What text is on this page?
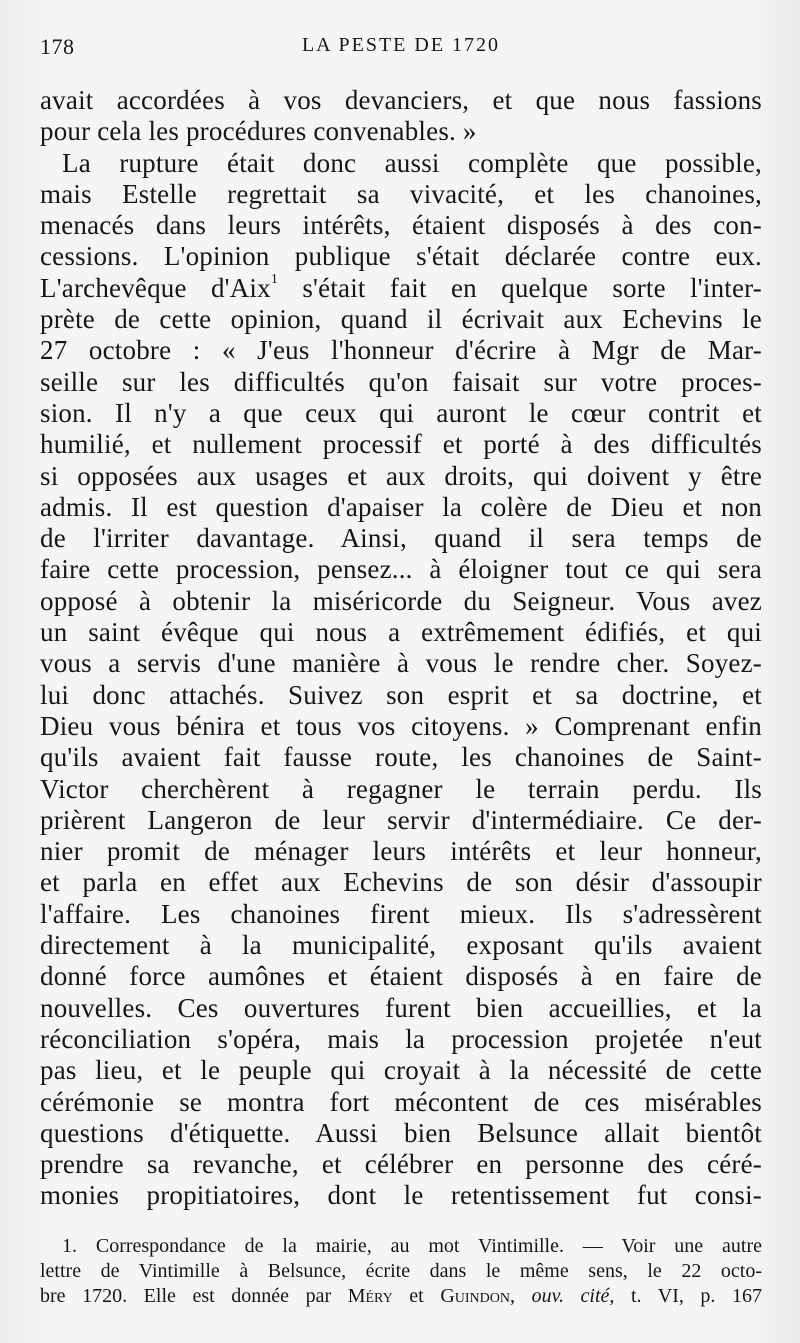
178	LA PESTE DE 1720
avait accordées à vos devanciers, et que nous fassions
pour cela les procédures convenables. »
La rupture était donc aussi complète que possible,
mais Estelle regrettait sa vivacité, et les chanoines,
menacés dans leurs intérêts, étaient disposés à des con-
cessions. L'opinion publique s'était déclarée contre eux.
L'archevêque d'Aix$^1$ s'était fait en quelque sorte l'inter-
prète de cette opinion, quand il écrivait aux Echevins le
27 octobre : « J'eus l'honneur d'écrire à Mgr de Mar-
seille sur les difficultés qu'on faisait sur votre proces-
sion. Il n'y a que ceux qui auront le cœur contrit et
humilié, et nullement processif et porté à des difficultés
si opposées aux usages et aux droits, qui doivent y être
admis. Il est question d'apaiser la colère de Dieu et non
de l'irriter davantage. Ainsi, quand il sera temps de
faire cette procession, pensez... à éloigner tout ce qui sera
opposé à obtenir la miséricorde du Seigneur. Vous avez
un saint évêque qui nous a extrêmement édifiés, et qui
vous a servis d'une manière à vous le rendre cher. Soyez-
lui donc attachés. Suivez son esprit et sa doctrine, et
Dieu vous bénira et tous vos citoyens. » Comprenant enfin
qu'ils avaient fait fausse route, les chanoines de Saint-
Victor cherchèrent à regagner le terrain perdu. Ils
prièrent Langeron de leur servir d'intermédiaire. Ce der-
nier promit de ménager leurs intérêts et leur honneur,
et parla en effet aux Echevins de son désir d'assoupir
l'affaire. Les chanoines firent mieux. Ils s'adressèrent
directement à la municipalité, exposant qu'ils avaient
donné force aumônes et étaient disposés à en faire de
nouvelles. Ces ouvertures furent bien accueillies, et la
réconciliation s'opéra, mais la procession projetée n'eut
pas lieu, et le peuple qui croyait à la nécessité de cette
cérémonie se montra fort mécontent de ces misérables
questions d'étiquette. Aussi bien Belsunce allait bientôt
prendre sa revanche, et célébrer en personne des céré-
monies propitiatoires, dont le retentissement fut consi-
1. Correspondance de la mairie, au mot Vintimille. — Voir une autre
lettre de Vintimille à Belsunce, écrite dans le même sens, le 22 octo-
bre 1720. Elle est donnée par Méry et Guindon, ouv. cité, t. VI, p. 167
